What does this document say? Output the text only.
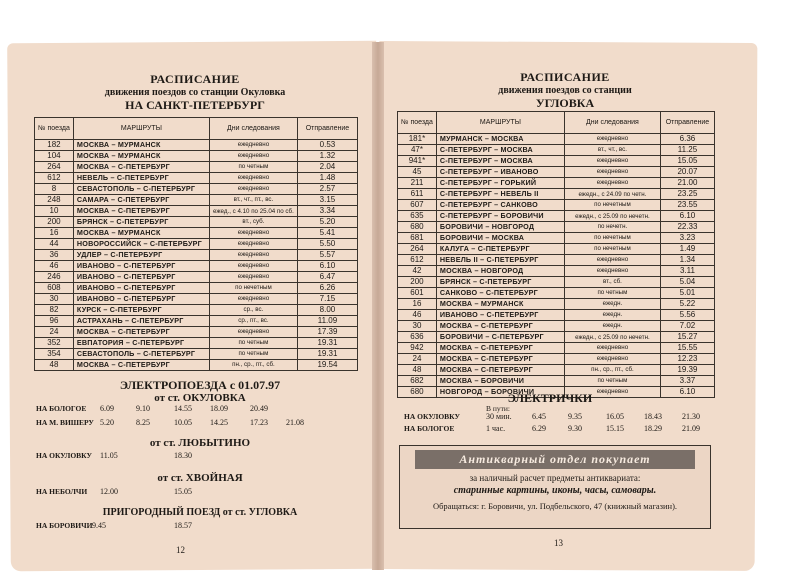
РАСПИСАНИЕ
движения поездов со станции Окуловка
НА САНКТ-ПЕТЕРБУРГ
№ поезда	МАРШРУТЫ	Дни следования	Отправление
182	МОСКВА – МУРМАНСК	ежедневно	0.53
104	МОСКВА – МУРМАНСК	ежедневно	1.32
264	МОСКВА – С-ПЕТЕРБУРГ	по четным	2.04
612	НЕВЕЛЬ – С-ПЕТЕРБУРГ	ежедневно	1.48
8	СЕВАСТОПОЛЬ – С-ПЕТЕРБУРГ	ежедневно	2.57
248	САМАРА – С-ПЕТЕРБУРГ	вт., чт., пт., вс.	3.15
10	МОСКВА – С-ПЕТЕРБУРГ	ежед., с 4.10 по 25.04 по сб.	3.34
200	БРЯНСК – С-ПЕТЕРБУРГ	вт., суб.	5.20
16	МОСКВА – МУРМАНСК	ежедневно	5.41
44	НОВОРОССИЙСК – С-ПЕТЕРБУРГ	ежедневно	5.50
36	УДЛЕР – С-ПЕТЕРБУРГ	ежедневно	5.57
46	ИВАНОВО – С-ПЕТЕРБУРГ	ежедневно	6.10
246	ИВАНОВО – С-ПЕТЕРБУРГ	ежедневно	6.47
608	ИВАНОВО – С-ПЕТЕРБУРГ	по нечетным	6.26
30	ИВАНОВО – С-ПЕТЕРБУРГ	ежедневно	7.15
82	КУРСК – С-ПЕТЕРБУРГ	ср., вс.	8.00
96	АСТРАХАНЬ – С-ПЕТЕРБУРГ	ср., пт., вс.	11.09
24	МОСКВА – С-ПЕТЕРБУРГ	ежедневно	17.39
352	ЕВПАТОРИЯ – С-ПЕТЕРБУРГ	по четным	19.31
354	СЕВАСТОПОЛЬ – С-ПЕТЕРБУРГ	по четным	19.31
48	МОСКВА – С-ПЕТЕРБУРГ	пн., ср., пт., сб.	19.54
ЭЛЕКТРОПОЕЗДА с 01.07.97
от ст. ОКУЛОВКА
НА БОЛОГОЕ 6.09	9.10	14.55 18.09	20.49
НА М. ВИШЕРУ 5.20	8.25	10.05 14.25	17.23 21.08
от ст. ЛЮБЫТИНО
НА ОКУЛОВКУ 11.05	18.30
от ст. ХВОЙНАЯ
НА НЕБОЛЧИ 12.00	15.05
ПРИГОРОДНЫЙ ПОЕЗД от ст. УГЛОВКА
НА БОРОВИЧИ 9.45	18.57
12
РАСПИСАНИЕ
движения поездов со станции
УГЛОВКА
№ поезда	МАРШРУТЫ	Дни следования	Отправление
181*	МУРМАНСК – МОСКВА	ежедневно	6.36
47*	С-ПЕТЕРБУРГ – МОСКВА	вт., чт., вс.	11.25
941*	С-ПЕТЕРБУРГ – МОСКВА	ежедневно	15.05
45	С-ПЕТЕРБУРГ – ИВАНОВО	ежедневно	20.07
211	С-ПЕТЕРБУРГ – ГОРЬКИЙ	ежедневно	21.00
611	С-ПЕТЕРБУРГ – НЕВЕЛЬ II	ежедн., с 24.09 по четн.	23.25
607	С-ПЕТЕРБУРГ – САНКОВО	по нечетным	23.55
635	С-ПЕТЕРБУРГ – БОРОВИЧИ	ежедн., с 25.09 по нечетн.	6.10
680	БОРОВИЧИ – НОВГОРОД	по нечетн.	22.33
681	БОРОВИЧИ – МОСКВА	по нечетным	3.23
264	КАЛУГА – С-ПЕТЕРБУРГ	по нечетным	1.49
612	НЕВЕЛЬ II – С-ПЕТЕРБУРГ	ежедневно	1.34
42	МОСКВА – НОВГОРОД	ежедневно	3.11
200	БРЯНСК – С-ПЕТЕРБУРГ	вт., сб.	5.04
601	САНКОВО – С-ПЕТЕРБУРГ	по четным	5.01
16	МОСКВА – МУРМАНСК	ежедн.	5.22
46	ИВАНОВО – С-ПЕТЕРБУРГ	ежедн.	5.56
30	МОСКВА – С-ПЕТЕРБУРГ	ежедн.	7.02
636	БОРОВИЧИ – С-ПЕТЕРБУРГ	ежедн., с 25.09 по нечетн.	15.27
942	МОСКВА – С-ПЕТЕРБУРГ	ежедневно	15.55
24	МОСКВА – С-ПЕТЕРБУРГ	ежедневно	12.23
48	МОСКВА – С-ПЕТЕРБУРГ	пн., ср., пт., сб.	19.39
682	МОСКВА – БОРОВИЧИ	по четным	3.37
680	НОВГОРОД – БОРОВИЧИ	ежедневно	6.10
ЭЛЕКТРИЧКИ
В пути:
НА ОКУЛОВКУ	30 мин.	6.45	9.35	16.05	18.43	21.30
НА БОЛОГОЕ	1 час.	6.29	9.30	15.15	18.29	21.09
Антикварный отдел покупает
за наличный расчет предметы антиквариата:
старинные картины, иконы, часы, самовары.
Обращаться: г. Боровичи, ул. Подбельского, 47 (книжный магазин).
13
